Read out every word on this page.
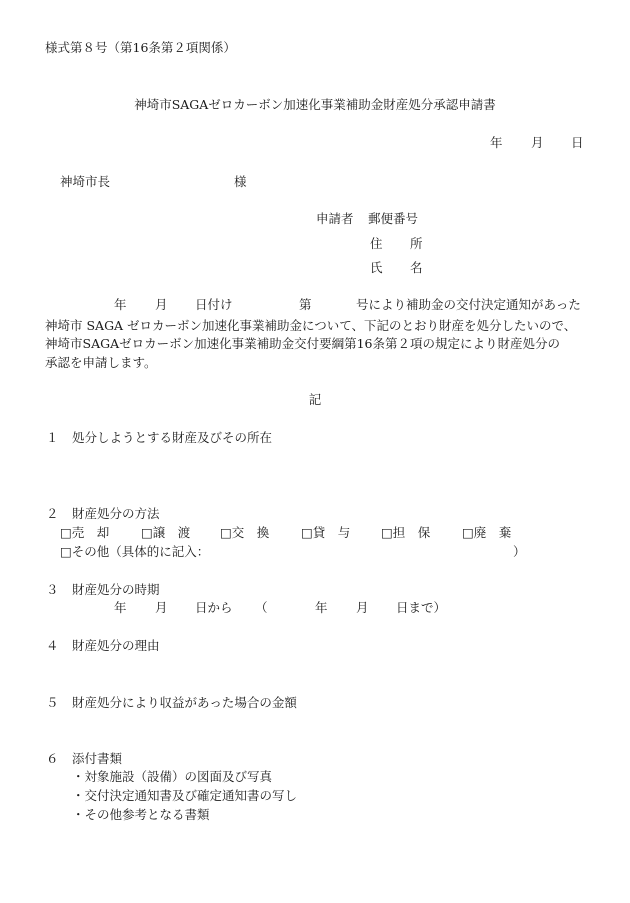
様式第８号（第16条第２項関係）
神埼市SAGAゼロカーボン加速化事業補助金財産処分承認申請書
年 月 日
神埼市長	様
申請者 郵便番号
住 所
氏 名
年 月 日付け	第	号により補助金の交付決定通知があった
神埼市 SAGA ゼロカーボン加速化事業補助金について、下記のとおり財産を処分したいので、
神埼市SAGAゼロカーボン加速化事業補助金交付要綱第16条第２項の規定により財産処分の
承認を申請します。
記
１ 処分しようとする財産及びその所在
２ 財産処分の方法
□売　却	□譲　渡 □交　換	□貸　与 □担　保	□廃　棄
□その他（具体的に記入：	）
３ 財産処分の時期
年 月 日から （	年 月 日まで）
４ 財産処分の理由
５ 財産処分により収益があった場合の金額
６ 添付書類
・対象施設（設備）の図面及び写真
・交付決定通知書及び確定通知書の写し
・その他参考となる書類
